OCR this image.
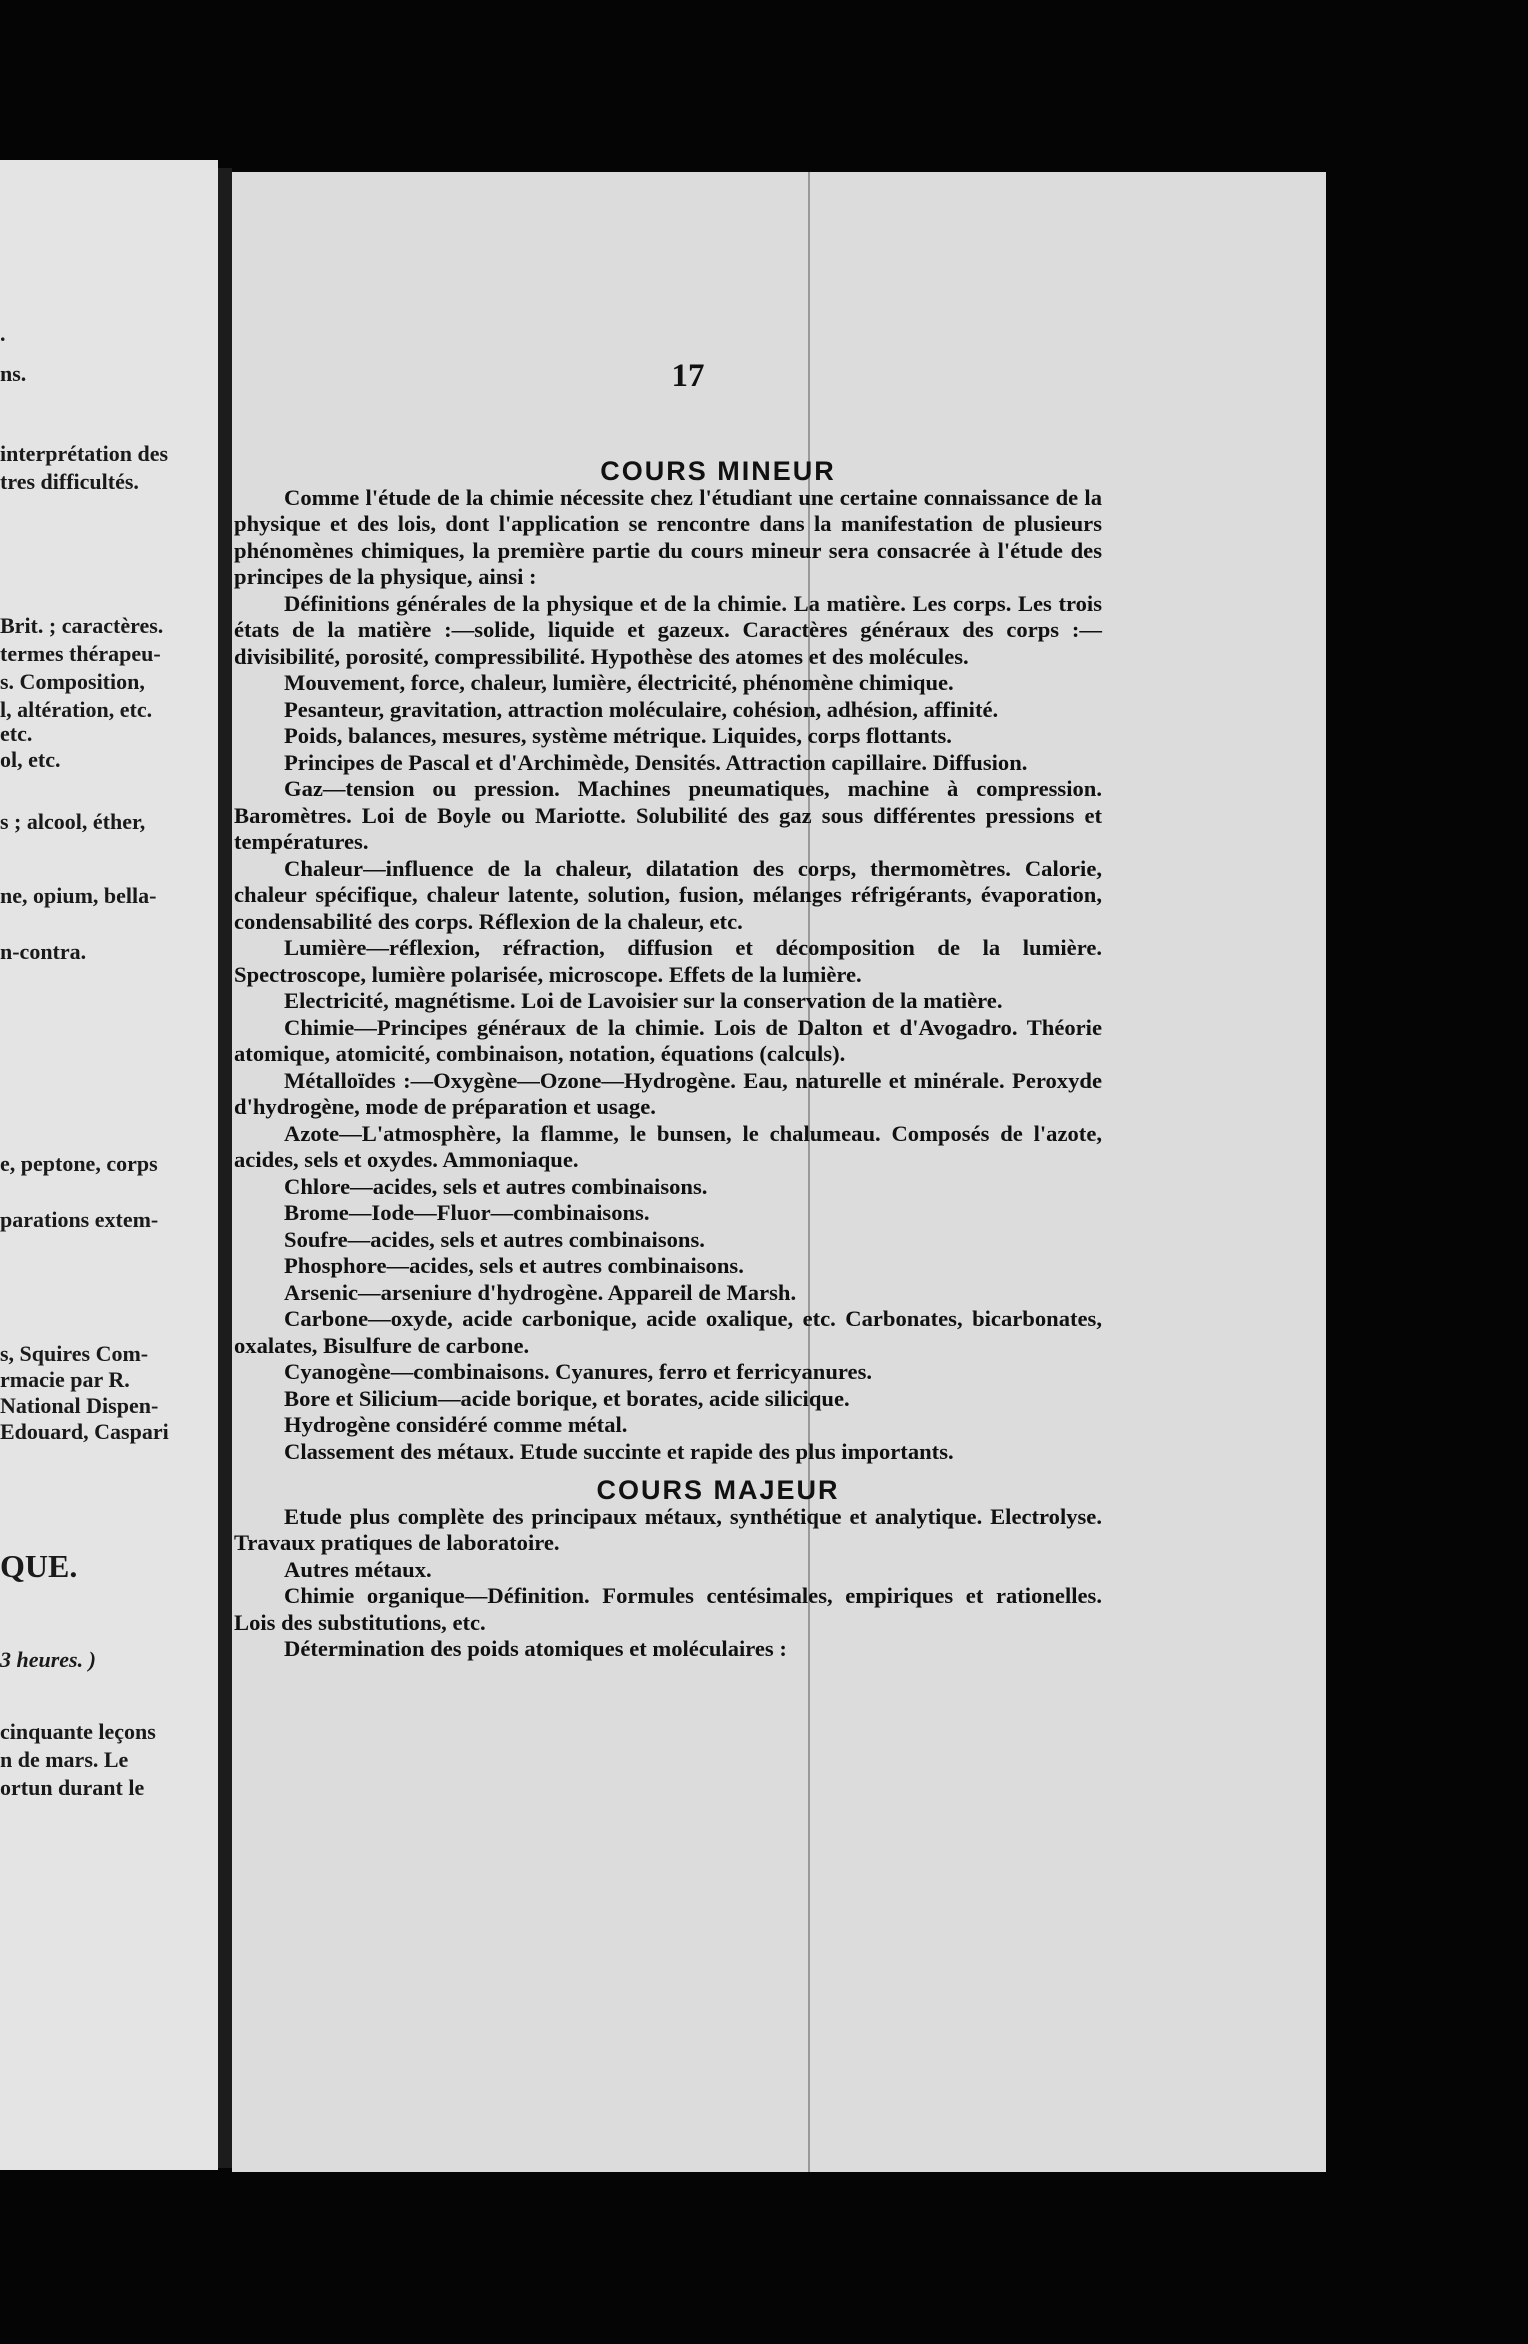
.
ns.
interprétation des
tres difficultés.
Brit. ; caractères.
termes thérapeu-
s. Composition,
l, altération, etc.
etc.
ol, etc.
s ; alcool, éther,
ne, opium, bella-
n-contra.
e, peptone, corps
parations extem-
s, Squires Com-
rmacie par R.
National Dispen-
Edouard, Caspari
QUE.
3 heures. )
cinquante leçons
n de mars. Le
ortun durant le
17
COURS MINEUR

Comme l'étude de la chimie nécessite chez l'étudiant une certaine connaissance de la physique et des lois, dont l'application se rencontre dans la manifestation de plusieurs phénomènes chimiques, la première partie du cours mineur sera consacrée à l'étude des principes de la physique, ainsi :

Définitions générales de la physique et de la chimie. La matière. Les corps. Les trois états de la matière :—solide, liquide et gazeux. Caractères généraux des corps :—divisibilité, porosité, compressibilité. Hypothèse des atomes et des molécules.

Mouvement, force, chaleur, lumière, électricité, phénomène chimique.

Pesanteur, gravitation, attraction moléculaire, cohésion, adhésion, affinité.

Poids, balances, mesures, système métrique. Liquides, corps flottants.

Principes de Pascal et d'Archimède, Densités. Attraction capillaire. Diffusion.

Gaz—tension ou pression. Machines pneumatiques, machine à compression. Baromètres. Loi de Boyle ou Mariotte. Solubilité des gaz sous différentes pressions et températures.

Chaleur—influence de la chaleur, dilatation des corps, thermomètres. Calorie, chaleur spécifique, chaleur latente, solution, fusion, mélanges réfrigérants, évaporation, condensabilité des corps. Réflexion de la chaleur, etc.

Lumière—réflexion, réfraction, diffusion et décomposition de la lumière. Spectroscope, lumière polarisée, microscope. Effets de la lumière.

Electricité, magnétisme. Loi de Lavoisier sur la conservation de la matière.

Chimie—Principes généraux de la chimie. Lois de Dalton et d'Avogadro. Théorie atomique, atomicité, combinaison, notation, équations (calculs).

Métalloïdes :—Oxygène—Ozone—Hydrogène. Eau, naturelle et minérale. Peroxyde d'hydrogène, mode de préparation et usage.

Azote—L'atmosphère, la flamme, le bunsen, le chalumeau. Composés de l'azote, acides, sels et oxydes. Ammoniaque.

Chlore—acides, sels et autres combinaisons.

Brome—Iode—Fluor—combinaisons.

Soufre—acides, sels et autres combinaisons.

Phosphore—acides, sels et autres combinaisons.

Arsenic—arseniure d'hydrogène. Appareil de Marsh.

Carbone—oxyde, acide carbonique, acide oxalique, etc. Carbonates, bicarbonates, oxalates, Bisulfure de carbone.

Cyanogène—combinaisons. Cyanures, ferro et ferricyanures.

Bore et Silicium—acide borique, et borates, acide silicique.

Hydrogène considéré comme métal.

Classement des métaux. Etude succinte et rapide des plus importants.

COURS MAJEUR

Etude plus complète des principaux métaux, synthétique et analytique. Electrolyse. Travaux pratiques de laboratoire.

Autres métaux.

Chimie organique—Définition. Formules centésimales, empiriques et rationelles. Lois des substitutions, etc.

Détermination des poids atomiques et moléculaires :
